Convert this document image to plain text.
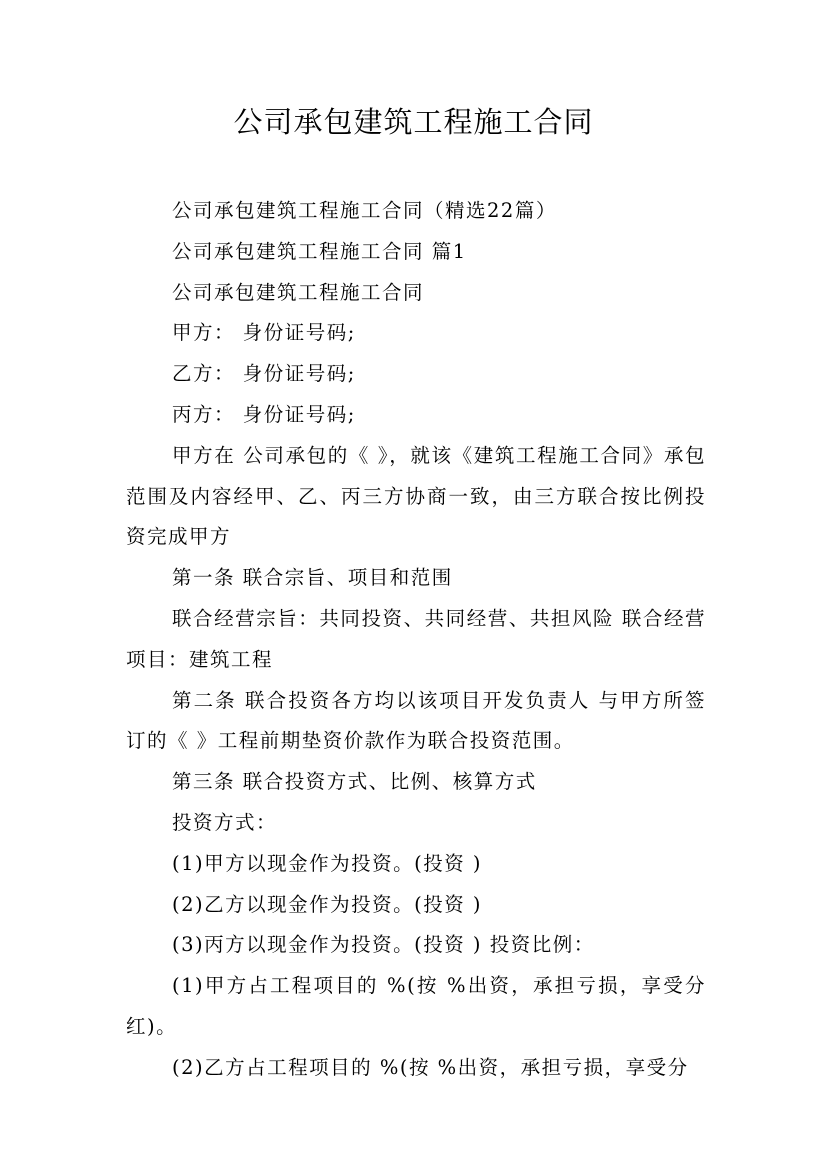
公司承包建筑工程施工合同

公司承包建筑工程施工合同（精选22篇）

公司承包建筑工程施工合同 篇1

公司承包建筑工程施工合同

甲方： 身份证号码;

乙方： 身份证号码;

丙方： 身份证号码;

甲方在 公司承包的《 》，就该《建筑工程施工合同》承包范围及内容经甲、乙、丙三方协商一致，由三方联合按比例投资完成甲方

第一条 联合宗旨、项目和范围

联合经营宗旨：共同投资、共同经营、共担风险 联合经营项目：建筑工程

第二条 联合投资各方均以该项目开发负责人 与甲方所签订的《 》工程前期垫资价款作为联合投资范围。

第三条 联合投资方式、比例、核算方式

投资方式：

(1)甲方以现金作为投资。(投资 )

(2)乙方以现金作为投资。(投资 )

(3)丙方以现金作为投资。(投资 ) 投资比例：

(1)甲方占工程项目的 %(按 %出资，承担亏损，享受分红)。

(2)乙方占工程项目的 %(按 %出资，承担亏损，享受分
